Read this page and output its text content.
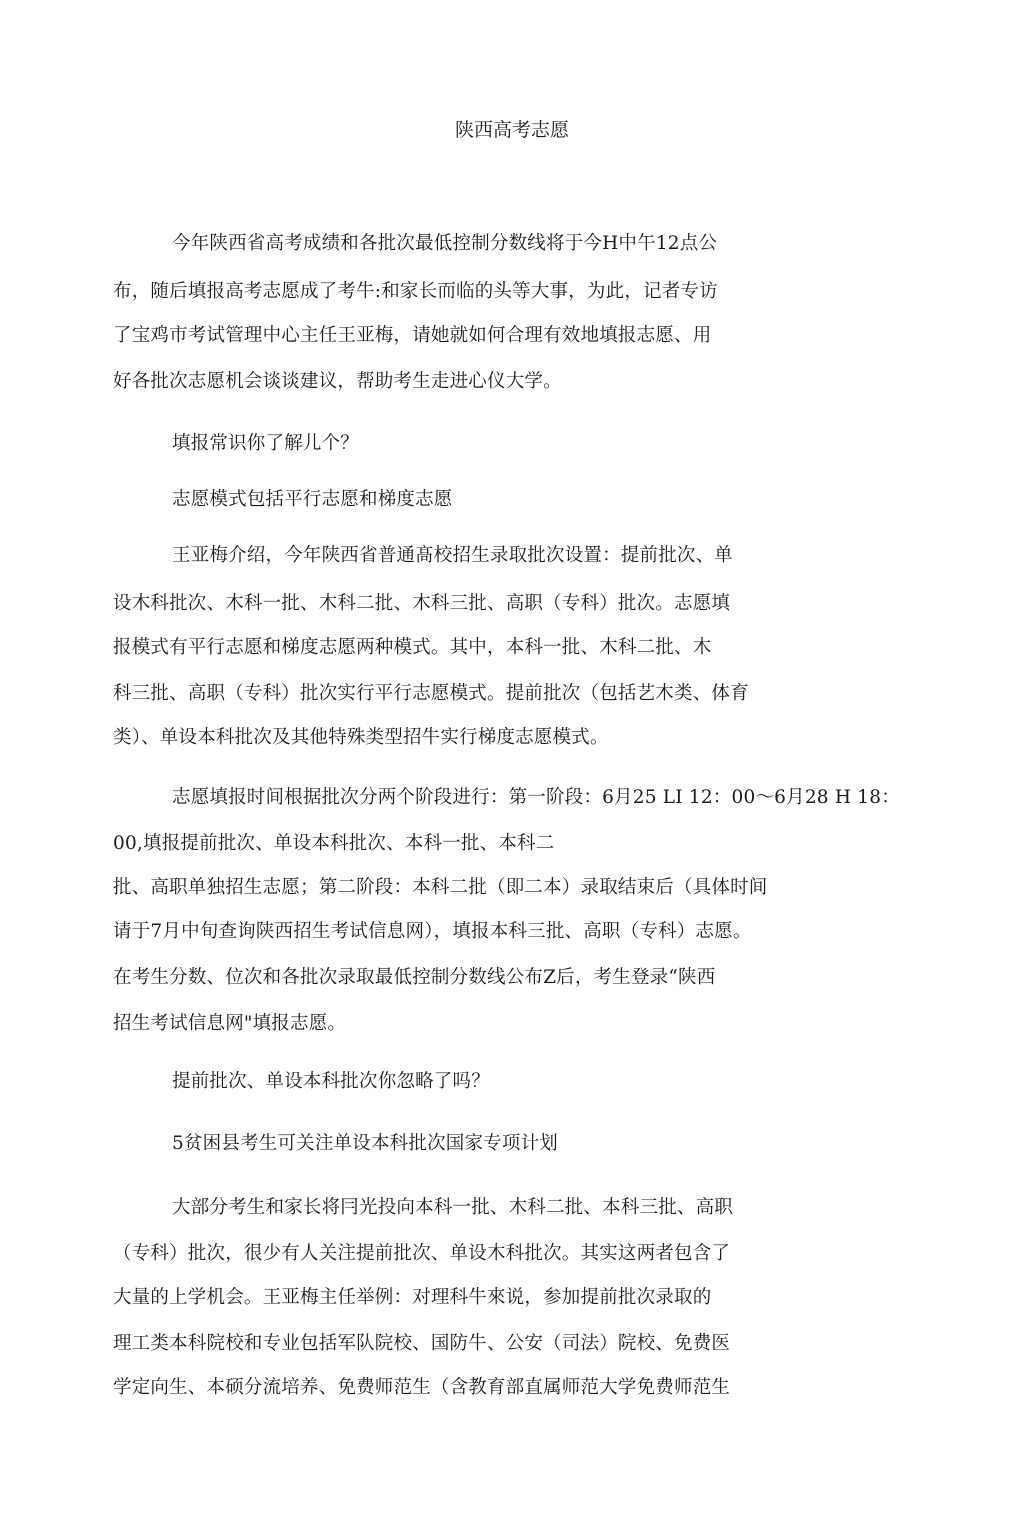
陕西高考志愿
今年陕西省高考成绩和各批次最低控制分数线将于今H中午12点公
布，随后填报高考志愿成了考牛:和家长而临的头等大事，为此，记者专访
了宝鸡市考试管理中心主任王亚梅，请她就如何合理有效地填报志愿、用
好各批次志愿机会谈谈建议，帮助考生走进心仪大学。
填报常识你了解儿个？
志愿模式包括平行志愿和梯度志愿
王亚梅介绍，今年陕西省普通髙校招生录取批次设置：提前批次、单
设木科批次、木科一批、木科二批、木科三批、高职（专科）批次。志愿填
报模式有平行志愿和梯度志愿两种模式。其中，本科一批、木科二批、木
科三批、高职（专科）批次实行平行志愿模式。提前批次（包括艺木类、体育
类）、单设本科批次及其他特殊类型招牛实行梯度志愿模式。
志愿填报时间根据批次分两个阶段进行：第一阶段：6月25 LI 12：00〜6月28 H 18：
00,填报提前批次、单设本科批次、本科一批、本科二
批、高职单独招生志愿；第二阶段：本科二批（即二本）录取结束后（具体时间
请于7月中旬查询陕西招生考试信息网），填报本科三批、高职（专科）志愿。
在考生分数、位次和各批次录取最低控制分数线公布Z后，考生登录“陕西
招生考试信息网"填报志愿。
提前批次、单设本科批次你忽略了吗？
5贫困县考生可关注单设本科批次国家专项计划
大部分考生和家长将冃光投向本科一批、木科二批、本科三批、高职
（专科）批次，很少有人关注提前批次、单设木科批次。其实这两者包含了
大量的上学机会。王亚梅主任举例：对理科牛來说，参加提前批次录取的
理工类本科院校和专业包括军队院校、国防牛、公安（司法）院校、免费医
学定向生、本硕分流培养、免费师范生（含教育部直属师范大学免费师范生
